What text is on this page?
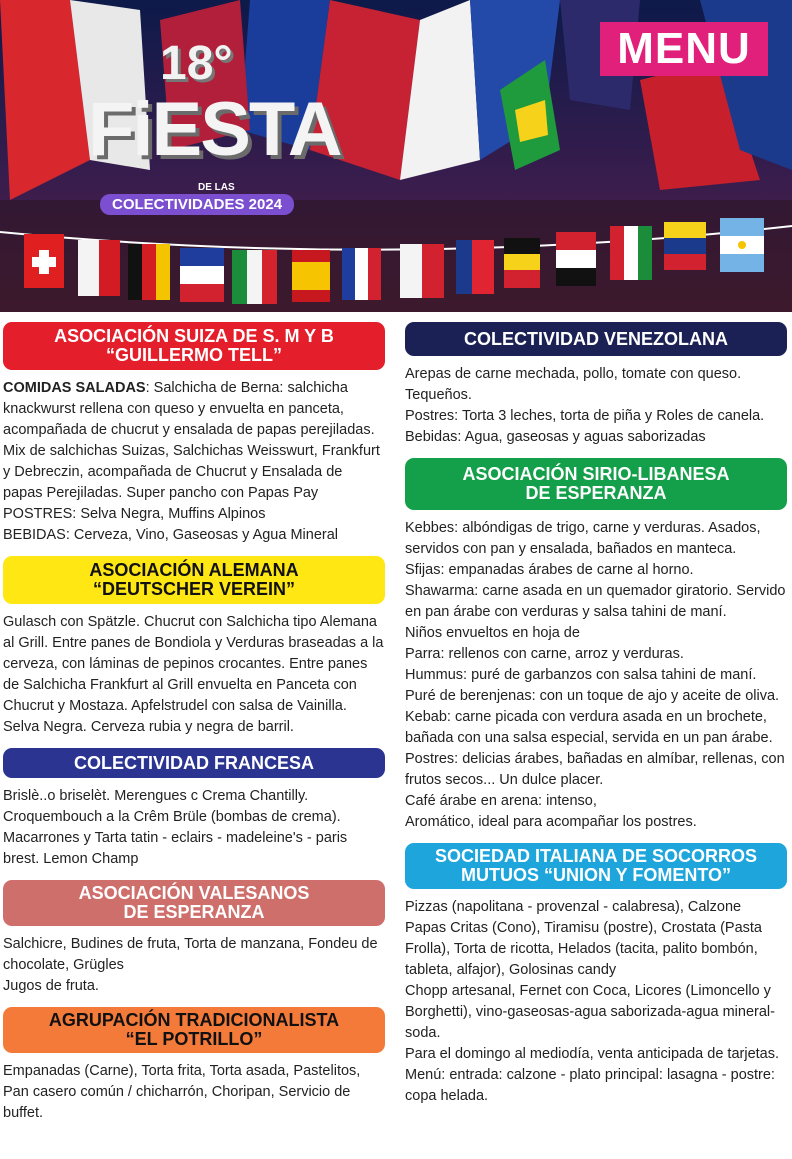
18°
FiESTA
DE LAS
COLECTIVIDADES 2024
MENU
ASOCIACIÓN SUIZA DE S. M Y B
“GUILLERMO TELL”

COMIDAS SALADAS: Salchicha de Berna: salchicha knackwurst rellena con queso y envuelta en panceta, acompañada de chucrut y ensalada de papas perejiladas.

Mix de salchichas Suizas, Salchichas Weisswurt, Frankfurt y Debreczin, acompañada de Chucrut y Ensalada de papas Perejiladas. Super pancho con Papas Pay

POSTRES: Selva Negra, Muffins Alpinos

BEBIDAS: Cerveza, Vino, Gaseosas y Agua Mineral

ASOCIACIÓN ALEMANA
“DEUTSCHER VEREIN”

Gulasch con Spätzle. Chucrut con Salchicha tipo Alemana al Grill. Entre panes de Bondiola y Verduras braseadas a la cerveza, con láminas de pepinos crocantes. Entre panes de Salchicha Frankfurt al Grill envuelta en Panceta con Chucrut y Mostaza. Apfelstrudel con salsa de Vainilla. Selva Negra. Cerveza rubia y negra de barril.

COLECTIVIDAD FRANCESA

Brislè..o briselèt. Merengues c Crema Chantilly. Croquembouch a la Crêm Brüle (bombas de crema). Macarrones y Tarta tatin - eclairs - madeleine's - paris brest. Lemon Champ

ASOCIACIÓN VALESANOS
DE ESPERANZA

Salchicre, Budines de fruta, Torta de manzana, Fondeu de chocolate, Grügles

Jugos de fruta.

AGRUPACIÓN TRADICIONALISTA
“EL POTRILLO”

Empanadas (Carne), Torta frita, Torta asada, Pastelitos, Pan casero común / chicharrón, Choripan, Servicio de buffet.

COLECTIVIDAD VENEZOLANA

Arepas de carne mechada, pollo, tomate con queso.

Tequeños.

Postres: Torta 3 leches, torta de piña y Roles de canela.

Bebidas: Agua, gaseosas y aguas saborizadas

ASOCIACIÓN SIRIO-LIBANESA
DE ESPERANZA

Kebbes: albóndigas de trigo, carne y verduras. Asados, servidos con pan y ensalada, bañados en manteca.

Sfijas: empanadas árabes de carne al horno.

Shawarma: carne asada en un quemador giratorio. Servido en pan árabe con verduras y salsa tahini de maní.

Niños envueltos en hoja de

Parra: rellenos con carne, arroz y verduras.

Hummus: puré de garbanzos con salsa tahini de maní.

Puré de berenjenas: con un toque de ajo y aceite de oliva.

Kebab: carne picada con verdura asada en un brochete, bañada con una salsa especial, servida en un pan árabe.

Postres: delicias árabes, bañadas en almíbar, rellenas, con frutos secos... Un dulce placer.

Café árabe en arena: intenso,

Aromático, ideal para acompañar los postres.

SOCIEDAD ITALIANA DE SOCORROS
MUTUOS “UNION Y FOMENTO”

Pizzas (napolitana - provenzal - calabresa), Calzone

Papas Critas (Cono), Tiramisu (postre), Crostata (Pasta Frolla), Torta de ricotta, Helados (tacita, palito bombón, tableta, alfajor), Golosinas candy

Chopp artesanal, Fernet con Coca, Licores (Limoncello y Borghetti), vino-gaseosas-agua saborizada-agua mineral-soda.

Para el domingo al mediodía, venta anticipada de tarjetas.

Menú: entrada: calzone - plato principal: lasagna - postre: copa helada.
